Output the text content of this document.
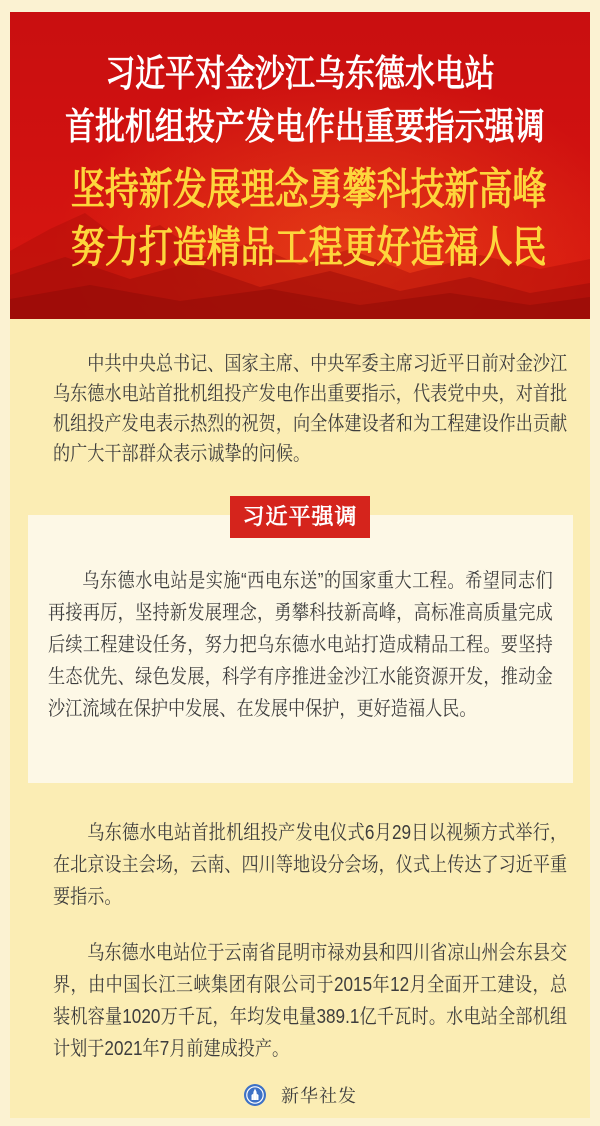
习近平对金沙江乌东德水电站
首批机组投产发电作出重要指示强调
坚持新发展理念勇攀科技新高峰
努力打造精品工程更好造福人民

中共中央总书记、国家主席、中央军委主席习近平日前对金沙江乌东德水电站首批机组投产发电作出重要指示，代表党中央，对首批机组投产发电表示热烈的祝贺，向全体建设者和为工程建设作出贡献的广大干部群众表示诚挚的问候。

习近平强调

乌东德水电站是实施“西电东送”的国家重大工程。希望同志们再接再厉，坚持新发展理念，勇攀科技新高峰，高标准高质量完成后续工程建设任务，努力把乌东德水电站打造成精品工程。要坚持生态优先、绿色发展，科学有序推进金沙江水能资源开发，推动金沙江流域在保护中发展、在发展中保护，更好造福人民。

乌东德水电站首批机组投产发电仪式6月29日以视频方式举行，在北京设主会场，云南、四川等地设分会场，仪式上传达了习近平重要指示。

乌东德水电站位于云南省昆明市禄劝县和四川省凉山州会东县交界，由中国长江三峡集团有限公司于2015年12月全面开工建设，总装机容量1020万千瓦，年均发电量389.1亿千瓦时。水电站全部机组计划于2021年7月前建成投产。

新华社发
